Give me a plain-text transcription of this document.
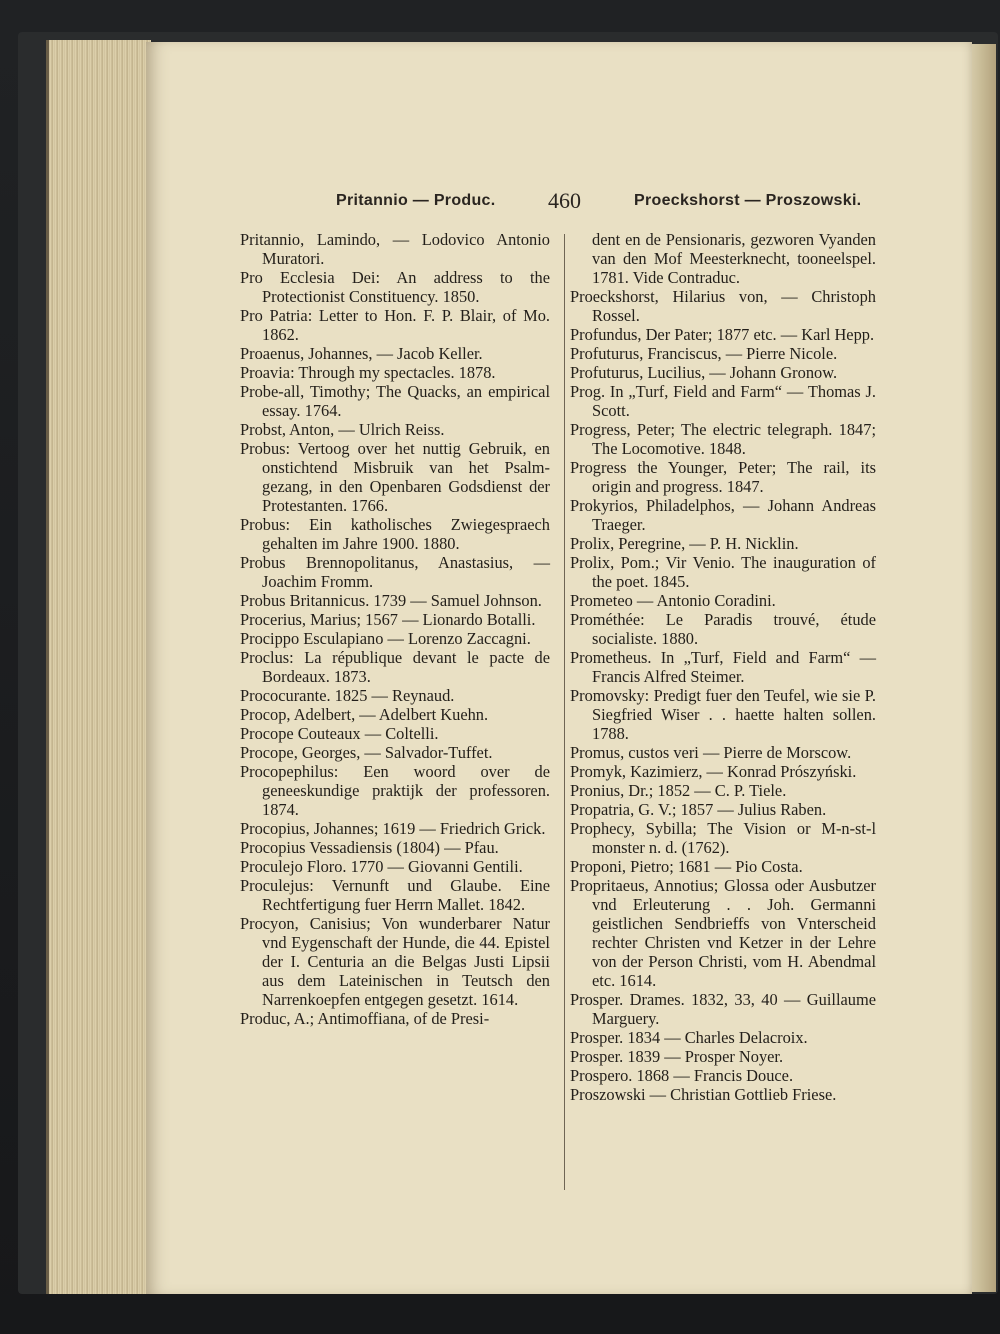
Pritannio — Produc. 460	Proeckshorst — Proszowski.

Pritannio, Lamindo, — Lodovico Antonio Muratori.

Pro Ecclesia Dei: An address to the Protectionist Constituency. 1850.

Pro Patria: Letter to Hon. F. P. Blair, of Mo. 1862.

Proaenus, Johannes, — Jacob Keller.

Proavia: Through my spectacles. 1878.

Probe-all, Timothy; The Quacks, an empirical essay. 1764.

Probst, Anton, — Ulrich Reiss.

Probus: Vertoog over het nuttig Gebruik, en onstichtend Misbruik van het Psalm-gezang, in den Openbaren Godsdienst der Protestanten. 1766.

Probus: Ein katholisches Zwiegespraech gehalten im Jahre 1900. 1880.

Probus Brennopolitanus, Anastasius, — Joachim Fromm.

Probus Britannicus. 1739 — Samuel Johnson.

Procerius, Marius; 1567 — Lionardo Botalli.

Procippo Esculapiano — Lorenzo Zaccagni.

Proclus: La république devant le pacte de Bordeaux. 1873.

Prococurante. 1825 — Reynaud.

Procop, Adelbert, — Adelbert Kuehn.

Procope Couteaux — Coltelli.

Procope, Georges, — Salvador-Tuffet.

Procopephilus: Een woord over de geneeskundige praktijk der professoren. 1874.

Procopius, Johannes; 1619 — Friedrich Grick.

Procopius Vessadiensis (1804) — Pfau.

Proculejo Floro. 1770 — Giovanni Gentili.

Proculejus: Vernunft und Glaube. Eine Rechtfertigung fuer Herrn Mallet. 1842.

Procyon, Canisius; Von wunderbarer Natur vnd Eygenschaft der Hunde, die 44. Epistel der I. Centuria an die Belgas Justi Lipsii aus dem Lateinischen in Teutsch den Narrenkoepfen entgegen gesetzt. 1614.

Produc, A.; Antimoffiana, of de Presi-

dent en de Pensionaris, gezworen Vyanden van den Mof Meesterknecht, tooneelspel. 1781. Vide Contraduc.

Proeckshorst, Hilarius von, — Christoph Rossel.

Profundus, Der Pater; 1877 etc. — Karl Hepp.

Profuturus, Franciscus, — Pierre Nicole.

Profuturus, Lucilius, — Johann Gronow.

Prog. In „Turf, Field and Farm“ — Thomas J. Scott.

Progress, Peter; The electric telegraph. 1847; The Locomotive. 1848.

Progress the Younger, Peter; The rail, its origin and progress. 1847.

Prokyrios, Philadelphos, — Johann Andreas Traeger.

Prolix, Peregrine, — P. H. Nicklin.

Prolix, Pom.; Vir Venio. The inauguration of the poet. 1845.

Prometeo — Antonio Coradini.

Prométhée: Le Paradis trouvé, étude socialiste. 1880.

Prometheus. In „Turf, Field and Farm“ — Francis Alfred Steimer.

Promovsky: Predigt fuer den Teufel, wie sie P. Siegfried Wiser . . haette halten sollen. 1788.

Promus, custos veri — Pierre de Morscow.

Promyk, Kazimierz, — Konrad Prószyński.

Pronius, Dr.; 1852 — C. P. Tiele.

Propatria, G. V.; 1857 — Julius Raben.

Prophecy, Sybilla; The Vision or M-n-st-l monster n. d. (1762).

Proponi, Pietro; 1681 — Pio Costa.

Propritaeus, Annotius; Glossa oder Ausbutzer vnd Erleuterung . . Joh. Germanni geistlichen Sendbrieffs von Vnterscheid rechter Christen vnd Ketzer in der Lehre von der Person Christi, vom H. Abendmal etc. 1614.

Prosper. Drames. 1832, 33, 40 — Guillaume Marguery.

Prosper. 1834 — Charles Delacroix.

Prosper. 1839 — Prosper Noyer.

Prospero. 1868 — Francis Douce.

Proszowski — Christian Gottlieb Friese.
